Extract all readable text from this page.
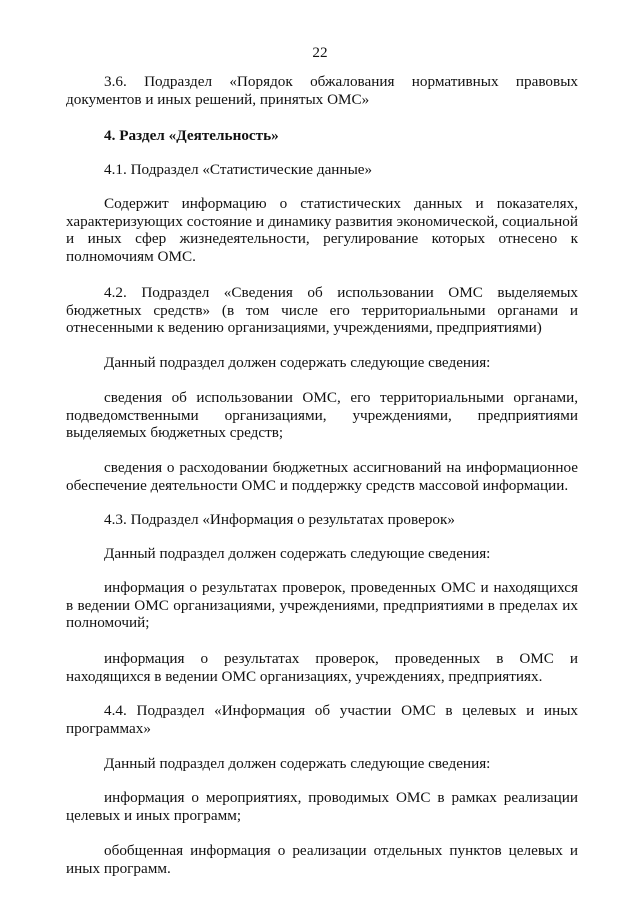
22

3.6. Подраздел «Порядок обжалования нормативных правовых документов и иных решений, принятых ОМС»

4. Раздел «Деятельность»

4.1. Подраздел «Статистические данные»

Содержит информацию о статистических данных и показателях, характеризующих состояние и динамику развития экономической, социальной и иных сфер жизнедеятельности, регулирование которых отнесено к полномочиям ОМС.

4.2. Подраздел «Сведения об использовании ОМС выделяемых бюджетных средств» (в том числе его территориальными органами и отнесенными к ведению организациями, учреждениями, предприятиями)

Данный подраздел должен содержать следующие сведения:

сведения об использовании ОМС, его территориальными органами, подведомственными организациями, учреждениями, предприятиями выделяемых бюджетных средств;

сведения о расходовании бюджетных ассигнований на информационное обеспечение деятельности ОМС и поддержку средств массовой информации.

4.3. Подраздел «Информация о результатах проверок»

Данный подраздел должен содержать следующие сведения:

информация о результатах проверок, проведенных ОМС и находящихся в ведении ОМС организациями, учреждениями, предприятиями в пределах их полномочий;

информация о результатах проверок, проведенных в ОМС и находящихся в ведении ОМС организациях, учреждениях, предприятиях.

4.4. Подраздел «Информация об участии ОМС в целевых и иных программах»

Данный подраздел должен содержать следующие сведения:

информация о мероприятиях, проводимых ОМС в рамках реализации целевых и иных программ;

обобщенная информация о реализации отдельных пунктов целевых и иных программ.
